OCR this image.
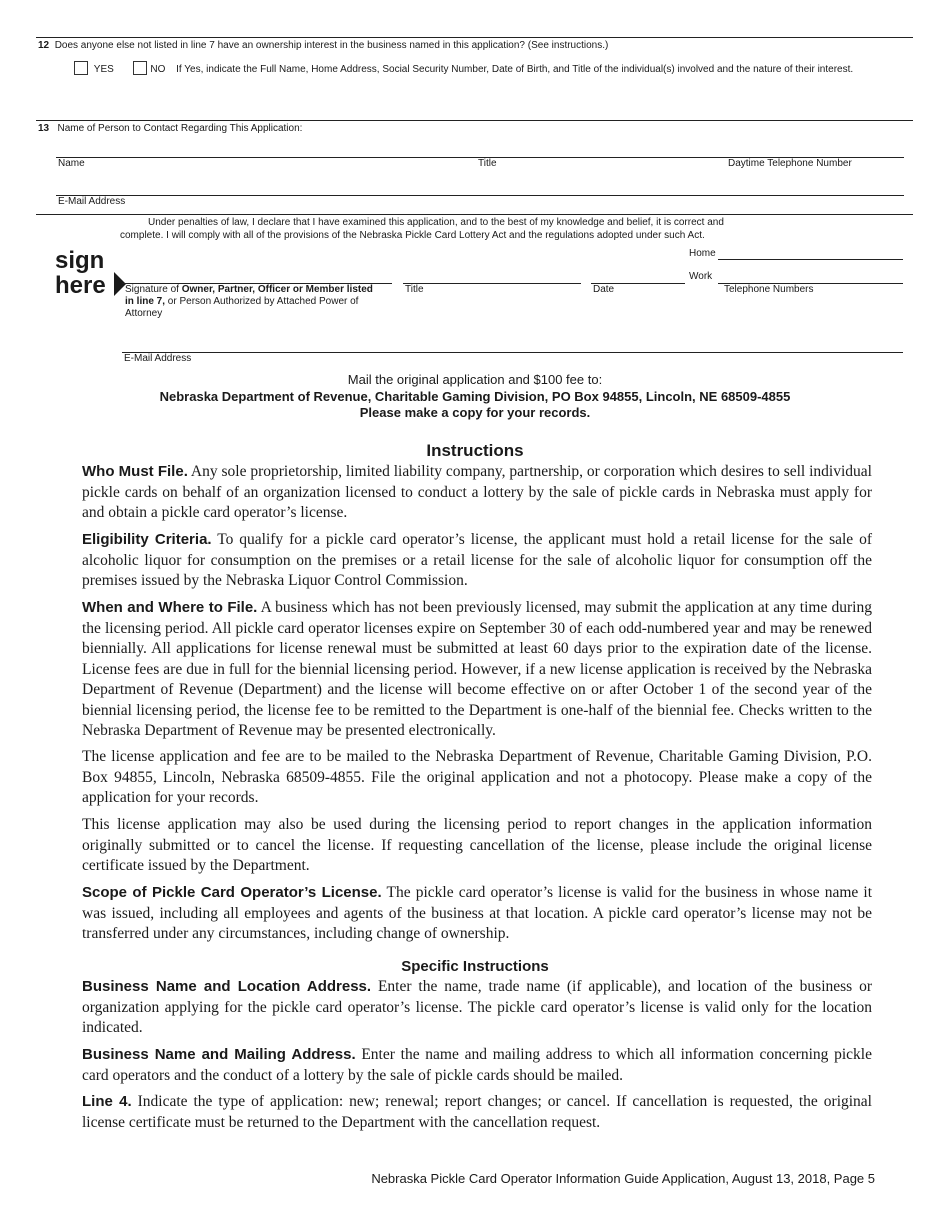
12 Does anyone else not listed in line 7 have an ownership interest in the business named in this application? (See instructions.)
YES	NO If Yes, indicate the Full Name, Home Address, Social Security Number, Date of Birth, and Title of the individual(s) involved and the nature of their interest.
13 Name of Person to Contact Regarding This Application:
Name	Title	Daytime Telephone Number
E-Mail Address
Under penalties of law, I declare that I have examined this application, and to the best of my knowledge and belief, it is correct and
complete. I will comply with all of the provisions of the Nebraska Pickle Card Lottery Act and the regulations adopted under such Act.
sign
here
Home
Work
Signature of Owner, Partner, Officer or Member listed in line 7, or Person Authorized by Attached Power of Attorney
Title	Date	Telephone Numbers
E-Mail Address
Mail the original application and $100 fee to:
Nebraska Department of Revenue, Charitable Gaming Division, PO Box 94855, Lincoln, NE 68509-4855
Please make a copy for your records.
Instructions

Who Must File. Any sole proprietorship, limited liability company, partnership, or corporation which desires to sell individual pickle cards on behalf of an organization licensed to conduct a lottery by the sale of pickle cards in Nebraska must apply for and obtain a pickle card operator’s license.

Eligibility Criteria. To qualify for a pickle card operator’s license, the applicant must hold a retail license for the sale of alcoholic liquor for consumption on the premises or a retail license for the sale of alcoholic liquor for consumption off the premises issued by the Nebraska Liquor Control Commission.

When and Where to File. A business which has not been previously licensed, may submit the application at any time during the licensing period. All pickle card operator licenses expire on September 30 of each odd-numbered year and may be renewed biennially. All applications for license renewal must be submitted at least 60 days prior to the expiration date of the license. License fees are due in full for the biennial licensing period. However, if a new license application is received by the Nebraska Department of Revenue (Department) and the license will become effective on or after October 1 of the second year of the biennial licensing period, the license fee to be remitted to the Department is one-half of the biennial fee. Checks written to the Nebraska Department of Revenue may be presented electronically.

The license application and fee are to be mailed to the Nebraska Department of Revenue, Charitable Gaming Division, P.O. Box 94855, Lincoln, Nebraska 68509-4855. File the original application and not a photocopy. Please make a copy of the application for your records.

This license application may also be used during the licensing period to report changes in the application information originally submitted or to cancel the license. If requesting cancellation of the license, please include the original license certificate issued by the Department.

Scope of Pickle Card Operator’s License. The pickle card operator’s license is valid for the business in whose name it was issued, including all employees and agents of the business at that location. A pickle card operator’s license may not be transferred under any circumstances, including change of ownership.

Specific Instructions

Business Name and Location Address. Enter the name, trade name (if applicable), and location of the business or organization applying for the pickle card operator’s license. The pickle card operator’s license is valid only for the location indicated.

Business Name and Mailing Address. Enter the name and mailing address to which all information concerning pickle card operators and the conduct of a lottery by the sale of pickle cards should be mailed.

Line 4. Indicate the type of application: new; renewal; report changes; or cancel. If cancellation is requested, the original license certificate must be returned to the Department with the cancellation request.

Nebraska Pickle Card Operator Information Guide Application, August 13, 2018, Page 5
